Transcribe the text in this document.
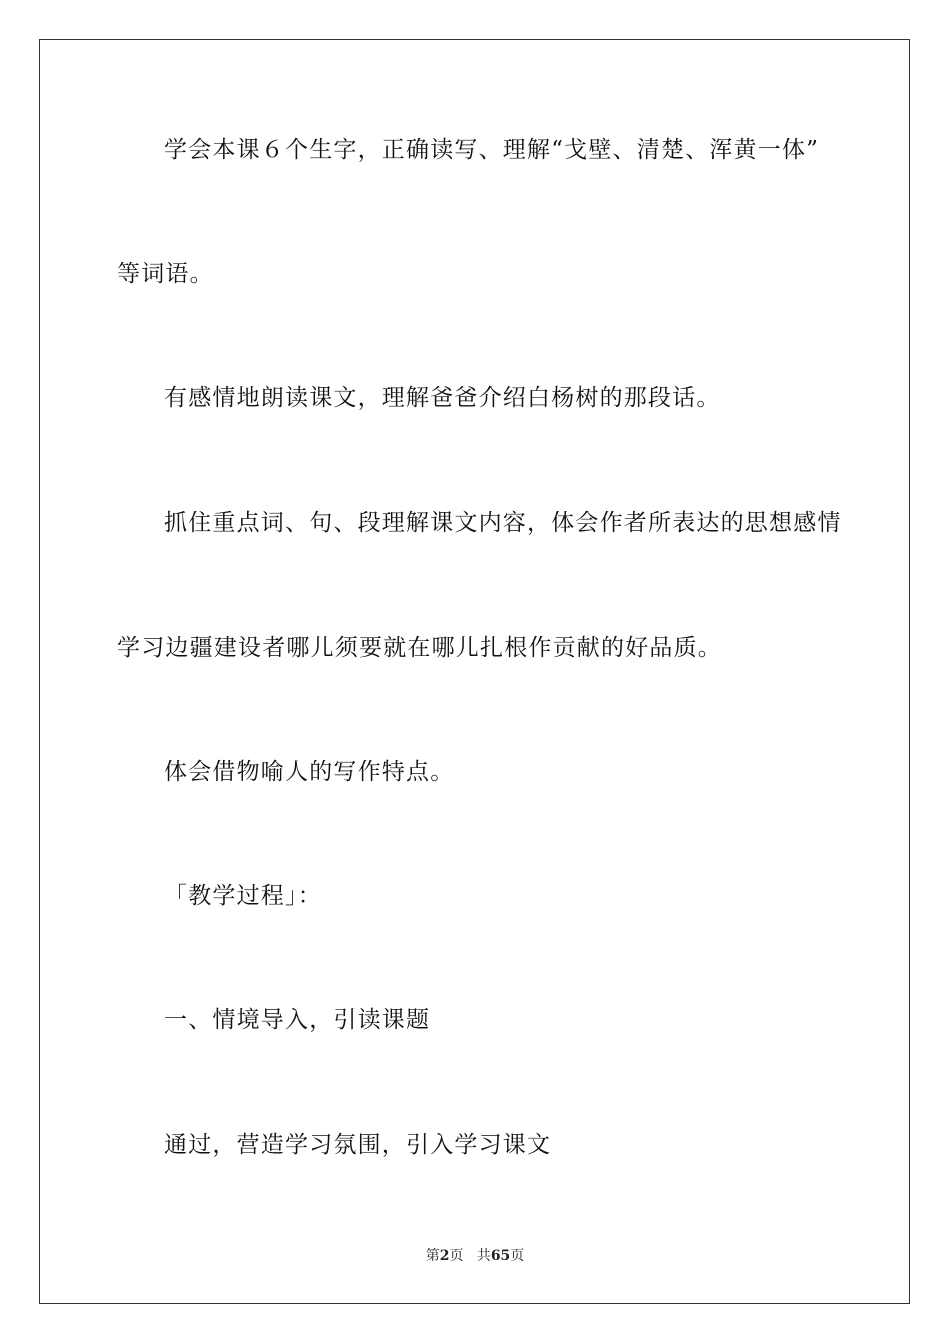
学会本课６个生字，正确读写、理解“戈壁、清楚、浑黄一体”
等词语。
有感情地朗读课文，理解爸爸介绍白杨树的那段话。
抓住重点词、句、段理解课文内容，体会作者所表达的思想感情
学习边疆建设者哪儿须要就在哪儿扎根作贡献的好品质。
体会借物喻人的写作特点。
「教学过程」：
一、情境导入，引读课题
通过，营造学习氛围，引入学习课文
第2页 共65页
